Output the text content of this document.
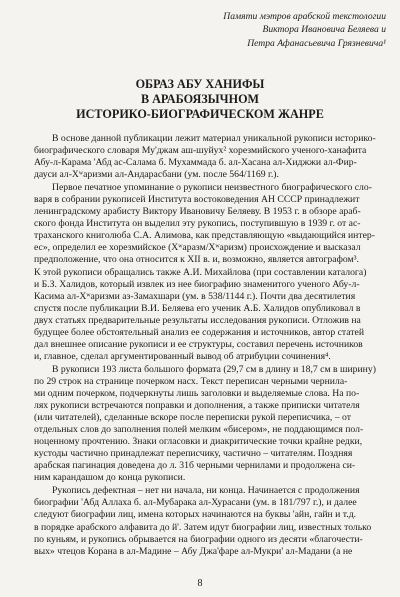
Памяти мэтров арабской текстологии
Виктора Ивановича Беляева и
Петра Афанасьевича Грязневича¹
ОБРАЗ АБУ ХАНИФЫ
В АРАБОЯЗЫЧНОМ
ИСТОРИКО-БИОГРАФИЧЕСКОМ ЖАНРЕ

В основе данной публикации лежит материал уникальной рукописи историко-
биографического словаря Му'джам аш-шуйух² хорезмийского ученого-ханафита
Абу-л-Карама 'Абд ас-Салама б. Мухаммада б. ал-Хасана ал-Хиджжи ал-Фир-
дауси ал-Хʷаризми ал-Андарасбани (ум. после 564/1169 г.).

Первое печатное упоминание о рукописи неизвестного биографического сло-
варя в собрании рукописей Института востоковедения АН СССР принадлежит
ленинградскому арабисту Виктору Ивановичу Беляеву. В 1953 г. в обзоре араб-
ского фонда Института он выделил эту рукопись, поступившую в 1939 г. от ас-
траханского книголюба С.А. Алимова, как представляющую «выдающийся интер-
ес», определил ее хорезмийское (Хʷаразм/Хʷаризм) происхождение и высказал
предположение, что она относится к XII в. и, возможно, является автографом³.
К этой рукописи обращались также А.И. Михайлова (при составлении каталога)
и Б.З. Халидов, который извлек из нее биографию знаменитого ученого Абу-л-
Касима ал-Хʷаризми аз-Замахшари (ум. в 538/1144 г.). Почти два десятилетия
спустя после публикации В.И. Беляева его ученик А.Б. Халидов опубликовал в
двух статьях предварительные результаты исследования рукописи. Отложив на
будущее более обстоятельный анализ ее содержания и источников, автор статей
дал внешнее описание рукописи и ее структуры, составил перечень источников
и, главное, сделал аргументированный вывод об атрибуции сочинения⁴.

В рукописи 193 листа большого формата (29,7 см в длину и 18,7 см в ширину)
по 29 строк на странице почерком насх. Текст переписан черными чернила-
ми одним почерком, подчеркнуты лишь заголовки и выделяемые слова. На по-
лях рукописи встречаются поправки и дополнения, а также приписки читателя
(или читателей), сделанные вскоре после переписки рукой переписчика, – от
отдельных слов до заполнения полей мелким «бисером», не поддающимся пол-
ноценному прочтению. Знаки огласовки и диакритические точки крайне редки,
кустоды частично принадлежат переписчику, частично – читателям. Поздняя
арабская пагинация доведена до л. 31б черными чернилами и продолжена си-
ним карандашом до конца рукописи.

Рукопись дефектная – нет ни начала, ни конца. Начинается с продолжения
биографии 'Абд Аллаха б. ал-Мубарака ал-Хурасани (ум. в 181/797 г.), и далее
следуют биографии лиц, имена которых начинаются на буквы 'айн, гайн и т.д.
в порядке арабского алфавита до й'. Затем идут биографии лиц, известных только
по куньям, и рукопись обрывается на биографии одного из десяти «благочести-
вых» чтецов Корана в ал-Мадине – Абу Джа'фаре ал-Мукри' ал-Мадани (а не

8
